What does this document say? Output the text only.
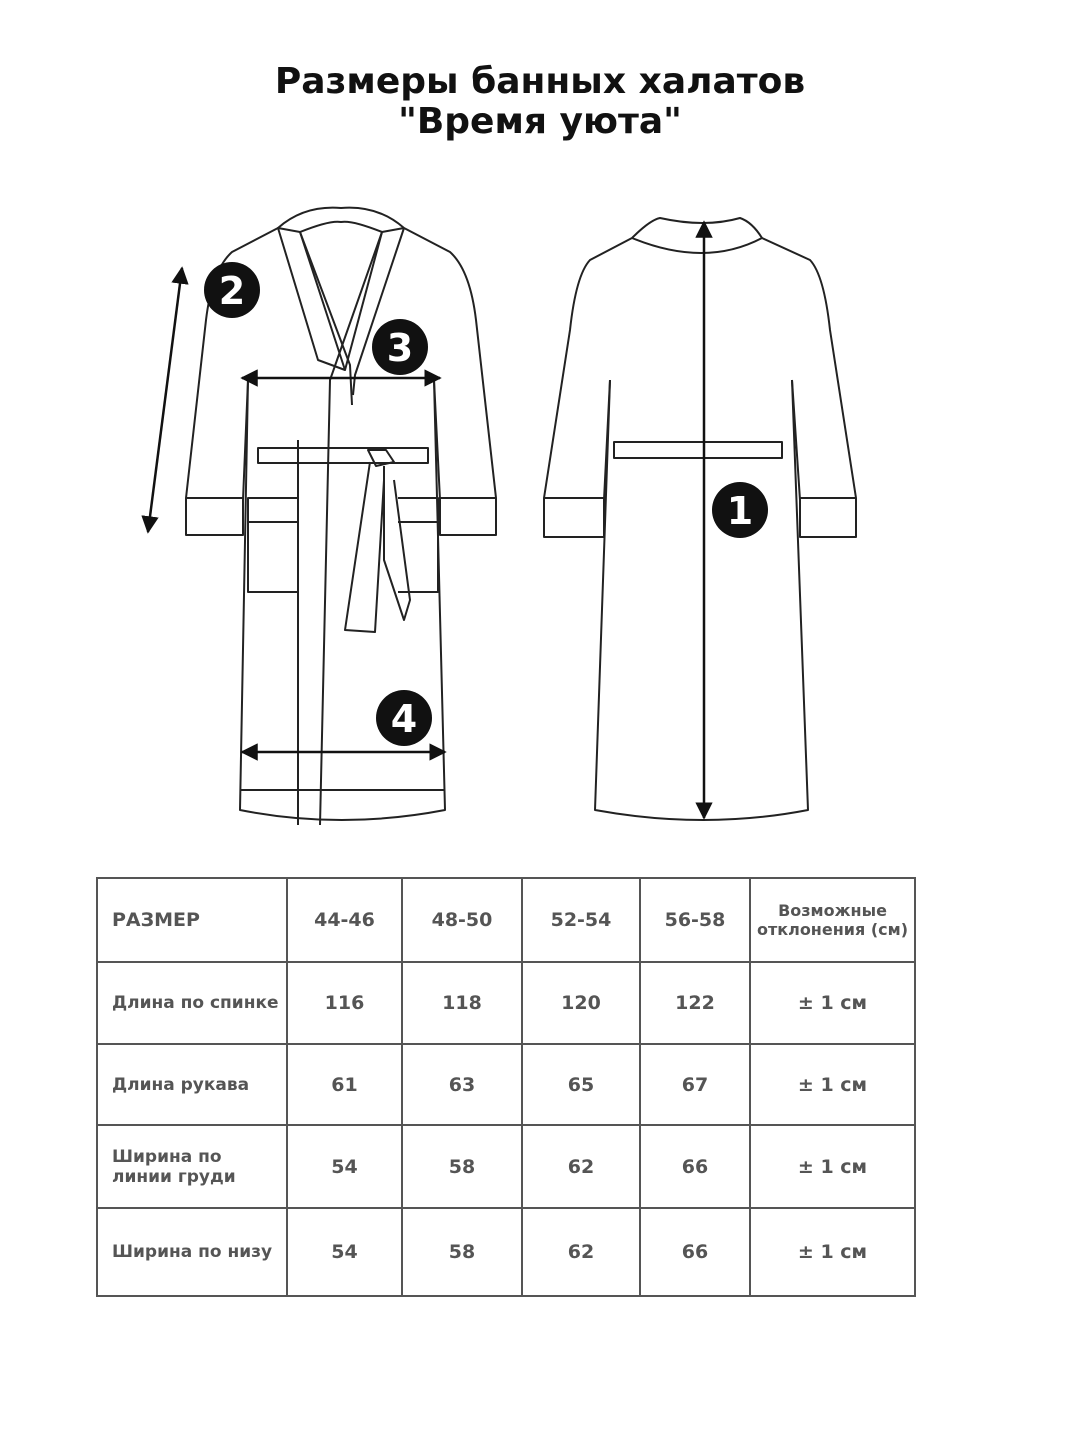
Размеры банных халатов
"Время уюта"
1
2
3
4
РАЗМЕР	44-46	48-50	52-54	56-58	Возможные отклонения (см)
Длина по спинке	116	118	120	122	± 1 см
Длина рукава	61	63	65	67	± 1 см
Ширина по линии груди	54	58	62	66	± 1 см
Ширина по низу	54	58	62	66	± 1 см
